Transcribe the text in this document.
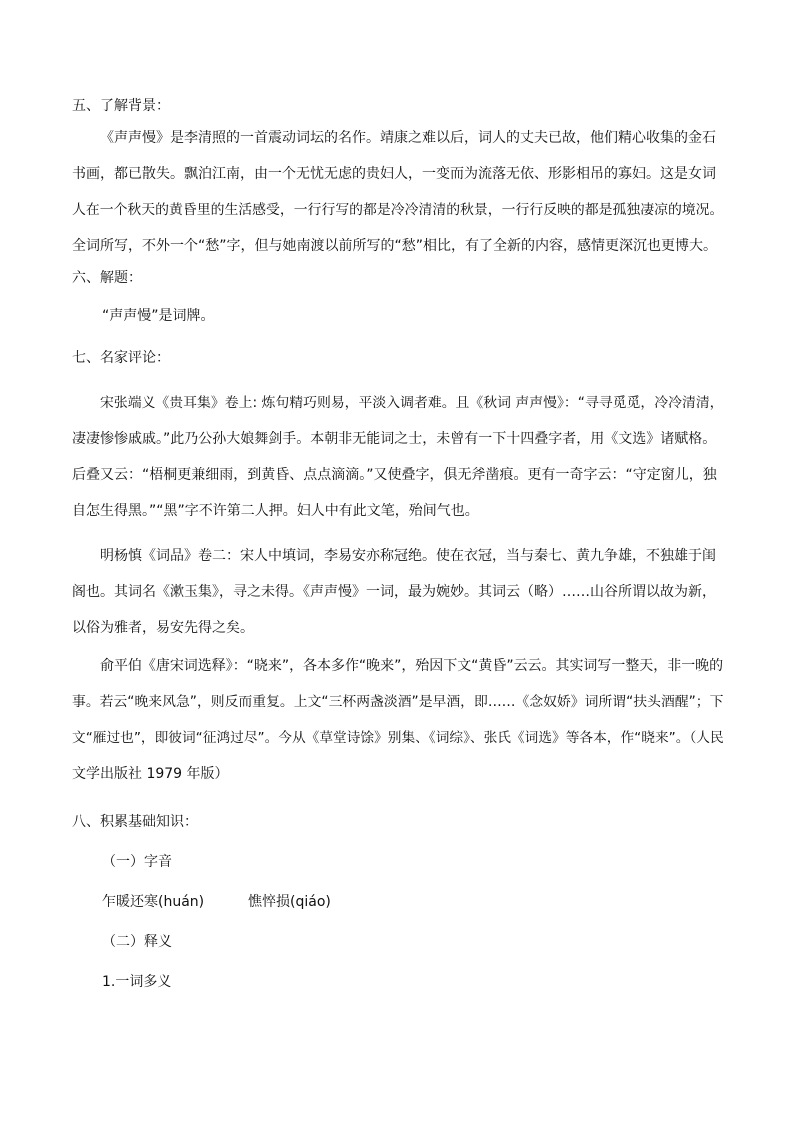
五、了解背景：
《声声慢》是李清照的一首震动词坛的名作。靖康之难以后，词人的丈夫已故，他们精心收集的金石
书画，都已散失。飘泊江南，由一个无忧无虑的贵妇人，一变而为流落无依、形影相吊的寡妇。这是女词
人在一个秋天的黄昏里的生活感受，一行行写的都是冷冷清清的秋景，一行行反映的都是孤独凄凉的境况。
全词所写，不外一个“愁”字，但与她南渡以前所写的“愁”相比，有了全新的内容，感情更深沉也更博大。
六、解题：
“声声慢”是词牌。
七、名家评论：
宋张端义《贵耳集》卷上: 炼句精巧则易，平淡入调者难。且《秋词 声声慢》：“寻寻觅觅，冷冷清清，
凄凄惨惨戚戚。”此乃公孙大娘舞剑手。本朝非无能词之士，未曾有一下十四叠字者，用《文选》诸赋格。
后叠又云：“梧桐更兼细雨，到黄昏、点点滴滴。”又使叠字，俱无斧凿痕。更有一奇字云：“守定窗儿，独
自怎生得黑。”“黑”字不许第二人押。妇人中有此文笔，殆间气也。
明杨慎《词品》卷二：宋人中填词，李易安亦称冠绝。使在衣冠，当与秦七、黄九争雄，不独雄于闺
阁也。其词名《漱玉集》，寻之未得。《声声慢》一词，最为婉妙。其词云（略）……山谷所谓以故为新，
以俗为雅者，易安先得之矣。
俞平伯《唐宋词选释》：“晓来”，各本多作“晚来”，殆因下文“黄昏”云云。其实词写一整天，非一晚的
事。若云“晚来风急”，则反而重复。上文“三杯两盏淡酒”是早酒，即……《念奴娇》词所谓“扶头酒醒”；下
文“雁过也”，即彼词“征鸿过尽”。今从《草堂诗馀》别集、《词综》、张氏《词选》等各本，作“晓来”。（人民
文学出版社 1979 年版）
八、积累基础知识：
（一）字音
乍暖还寒(huán)	憔悴损(qiáo)
（二）释义
1.一词多义
